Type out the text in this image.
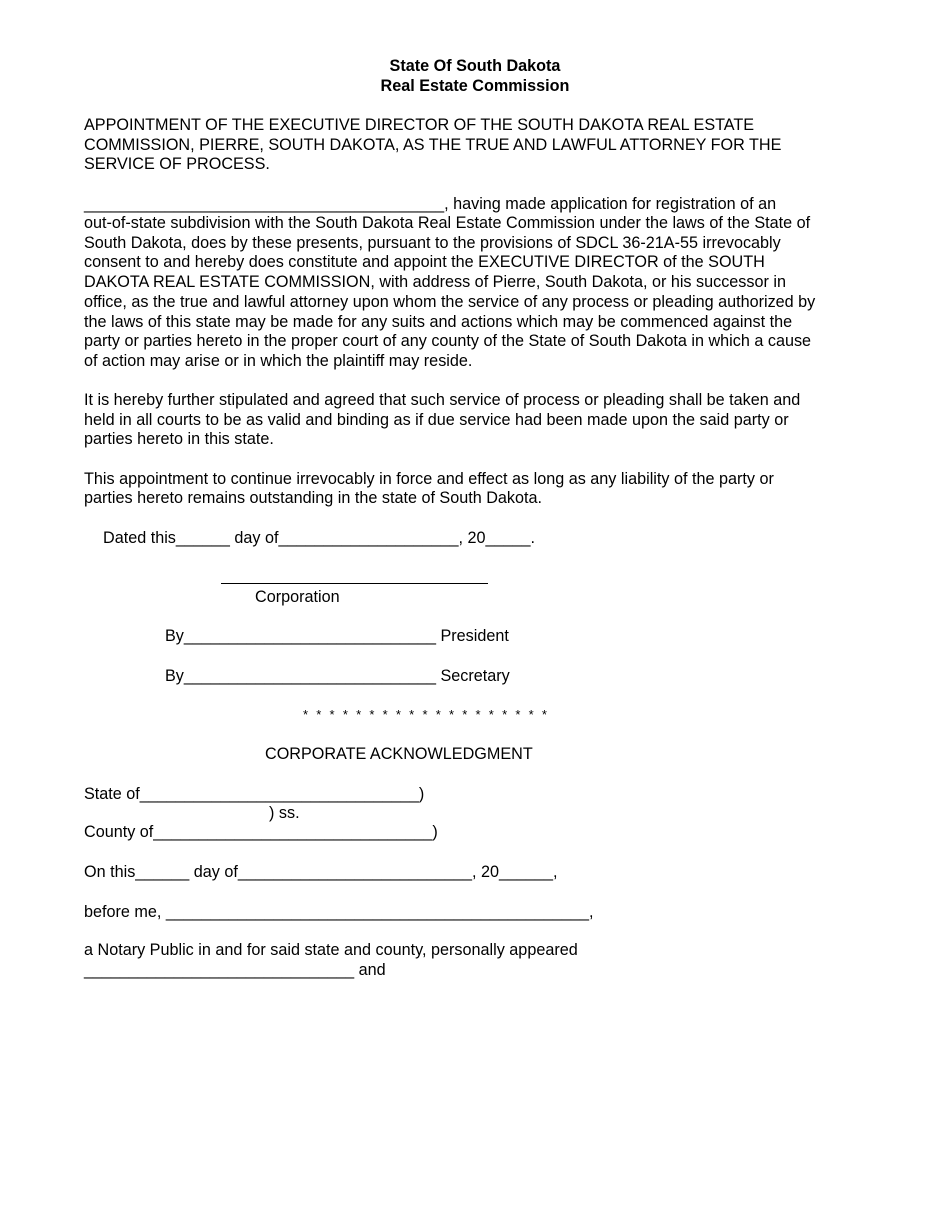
State Of South Dakota
Real Estate Commission
APPOINTMENT OF THE EXECUTIVE DIRECTOR OF THE SOUTH DAKOTA REAL ESTATE
COMMISSION, PIERRE, SOUTH DAKOTA, AS THE TRUE AND LAWFUL ATTORNEY FOR THE
SERVICE OF PROCESS.
________________________________________, having made application for registration of an
out-of-state subdivision with the South Dakota Real Estate Commission under the laws of the State of
South Dakota, does by these presents, pursuant to the provisions of SDCL 36-21A-55 irrevocably
consent to and hereby does constitute and appoint the EXECUTIVE DIRECTOR of the SOUTH
DAKOTA REAL ESTATE COMMISSION, with address of Pierre, South Dakota, or his successor in
office, as the true and lawful attorney upon whom the service of any process or pleading authorized by
the laws of this state may be made for any suits and actions which may be commenced against the
party or parties hereto in the proper court of any county of the State of South Dakota in which a cause
of action may arise or in which the plaintiff may reside.
It is hereby further stipulated and agreed that such service of process or pleading shall be taken and
held in all courts to be as valid and binding as if due service had been made upon the said party or
parties hereto in this state.
This appointment to continue irrevocably in force and effect as long as any liability of the party or
parties hereto remains outstanding in the state of South Dakota.
Dated this______ day of____________________, 20_____.
Corporation
By____________________________ President
By____________________________ Secretary
* * * * * * * * * * * * * * * * * * *
CORPORATE ACKNOWLEDGMENT
State of_______________________________)
) ss.
County of_______________________________)
On this______ day of__________________________, 20______,
before me, _______________________________________________,
a Notary Public in and for said state and county, personally appeared
______________________________ and
